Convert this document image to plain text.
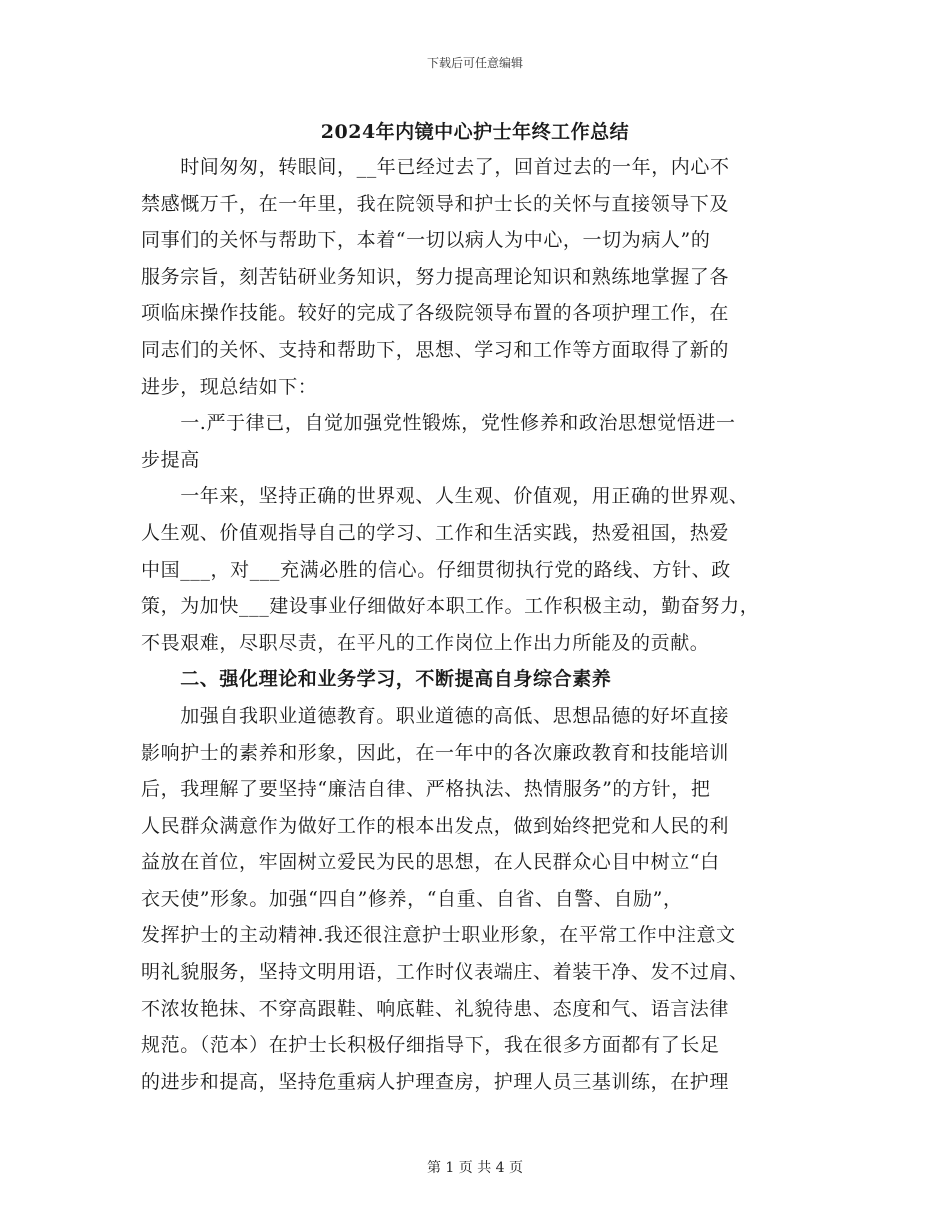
下载后可任意编辑
2024年内镜中心护士年终工作总结
　　时间匆匆，转眼间，__年已经过去了，回首过去的一年，内心不
禁感慨万千，在一年里，我在院领导和护士长的关怀与直接领导下及
同事们的关怀与帮助下，本着“一切以病人为中心，一切为病人”的
服务宗旨，刻苦钻研业务知识，努力提高理论知识和熟练地掌握了各
项临床操作技能。较好的完成了各级院领导布置的各项护理工作，在
同志们的关怀、支持和帮助下，思想、学习和工作等方面取得了新的
进步，现总结如下：
　　一.严于律已，自觉加强党性锻炼，党性修养和政治思想觉悟进一
步提高
　　一年来，坚持正确的世界观、人生观、价值观，用正确的世界观、
人生观、价值观指导自己的学习、工作和生活实践，热爱祖国，热爱
中国___，对___充满必胜的信心。仔细贯彻执行党的路线、方针、政
策，为加快___建设事业仔细做好本职工作。工作积极主动，勤奋努力，
不畏艰难，尽职尽责，在平凡的工作岗位上作出力所能及的贡献。
　　二、强化理论和业务学习，不断提高自身综合素养
　　加强自我职业道德教育。职业道德的高低、思想品德的好坏直接
影响护士的素养和形象，因此，在一年中的各次廉政教育和技能培训
后，我理解了要坚持“廉洁自律、严格执法、热情服务”的方针，把
人民群众满意作为做好工作的根本出发点，做到始终把党和人民的利
益放在首位，牢固树立爱民为民的思想，在人民群众心目中树立“白
衣天使”形象。加强“四自”修养，“自重、自省、自警、自励”，
发挥护士的主动精神.我还很注意护士职业形象，在平常工作中注意文
明礼貌服务，坚持文明用语，工作时仪表端庄、着装干净、发不过肩、
不浓妆艳抹、不穿高跟鞋、响底鞋、礼貌待患、态度和气、语言法律
规范。（范本）在护士长积极仔细指导下，我在很多方面都有了长足
的进步和提高，坚持危重病人护理查房，护理人员三基训练，在护理
第 1 页 共 4 页
